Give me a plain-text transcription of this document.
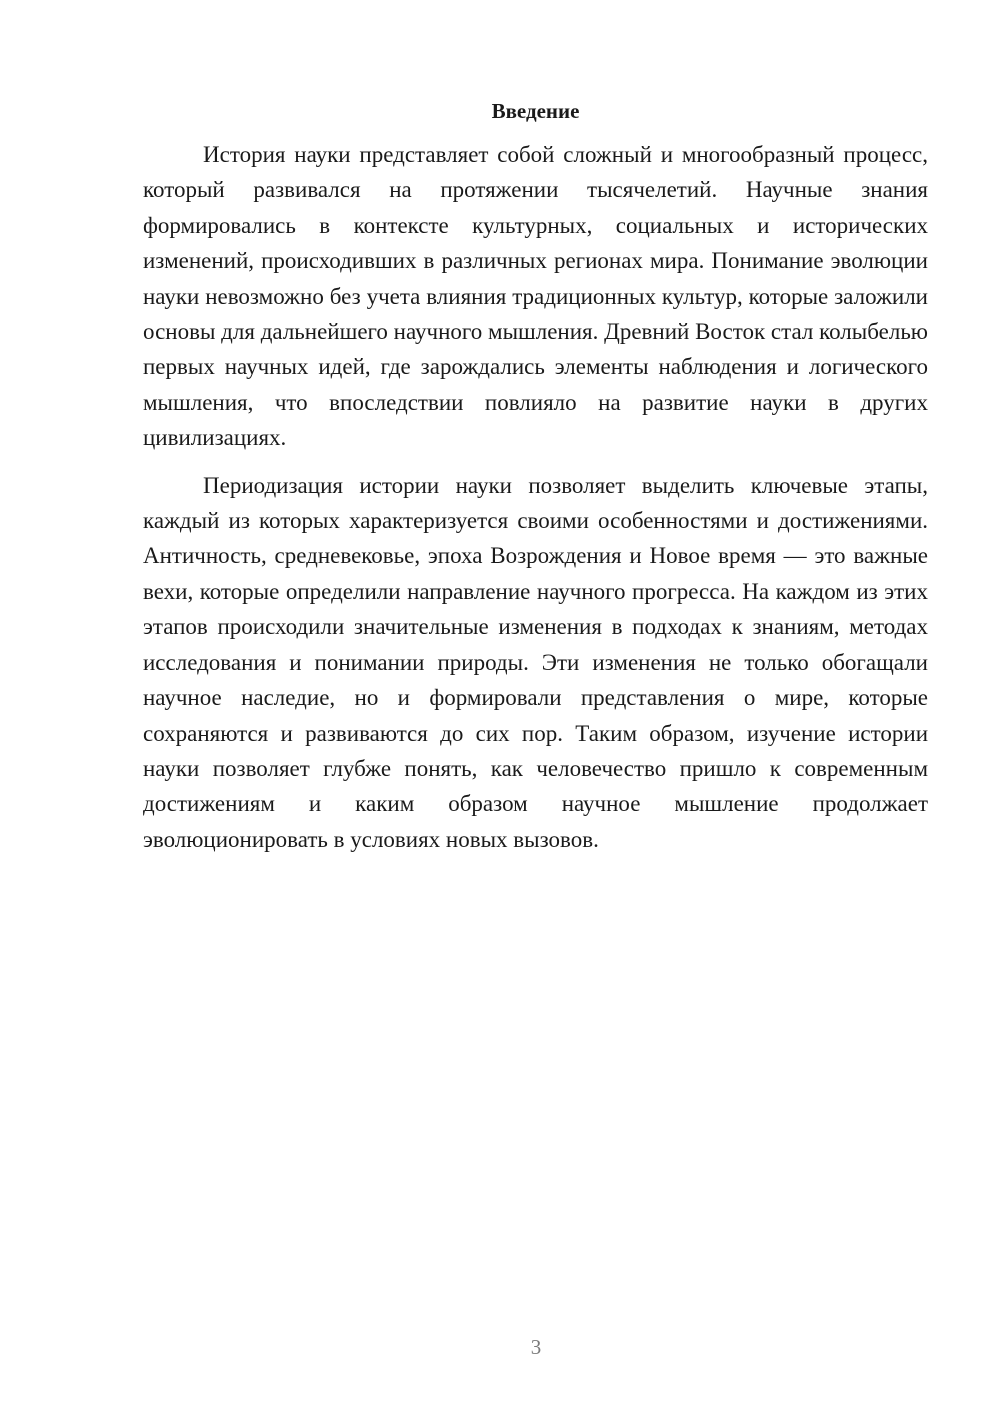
Введение

История науки представляет собой сложный и многообразный процесс, который развивался на протяжении тысячелетий. Научные знания формировались в контексте культурных, социальных и исторических изменений, происходивших в различных регионах мира. Понимание эволюции науки невозможно без учета влияния традиционных культур, которые заложили основы для дальнейшего научного мышления. Древний Восток стал колыбелью первых научных идей, где зарождались элементы наблюдения и логического мышления, что впоследствии повлияло на развитие науки в других цивилизациях.

Периодизация истории науки позволяет выделить ключевые этапы, каждый из которых характеризуется своими особенностями и достижениями. Античность, средневековье, эпоха Возрождения и Новое время — это важные вехи, которые определили направление научного прогресса. На каждом из этих этапов происходили значительные изменения в подходах к знаниям, методах исследования и понимании природы. Эти изменения не только обогащали научное наследие, но и формировали представления о мире, которые сохраняются и развиваются до сих пор. Таким образом, изучение истории науки позволяет глубже понять, как человечество пришло к современным достижениям и каким образом научное мышление продолжает эволюционировать в условиях новых вызовов.

3
